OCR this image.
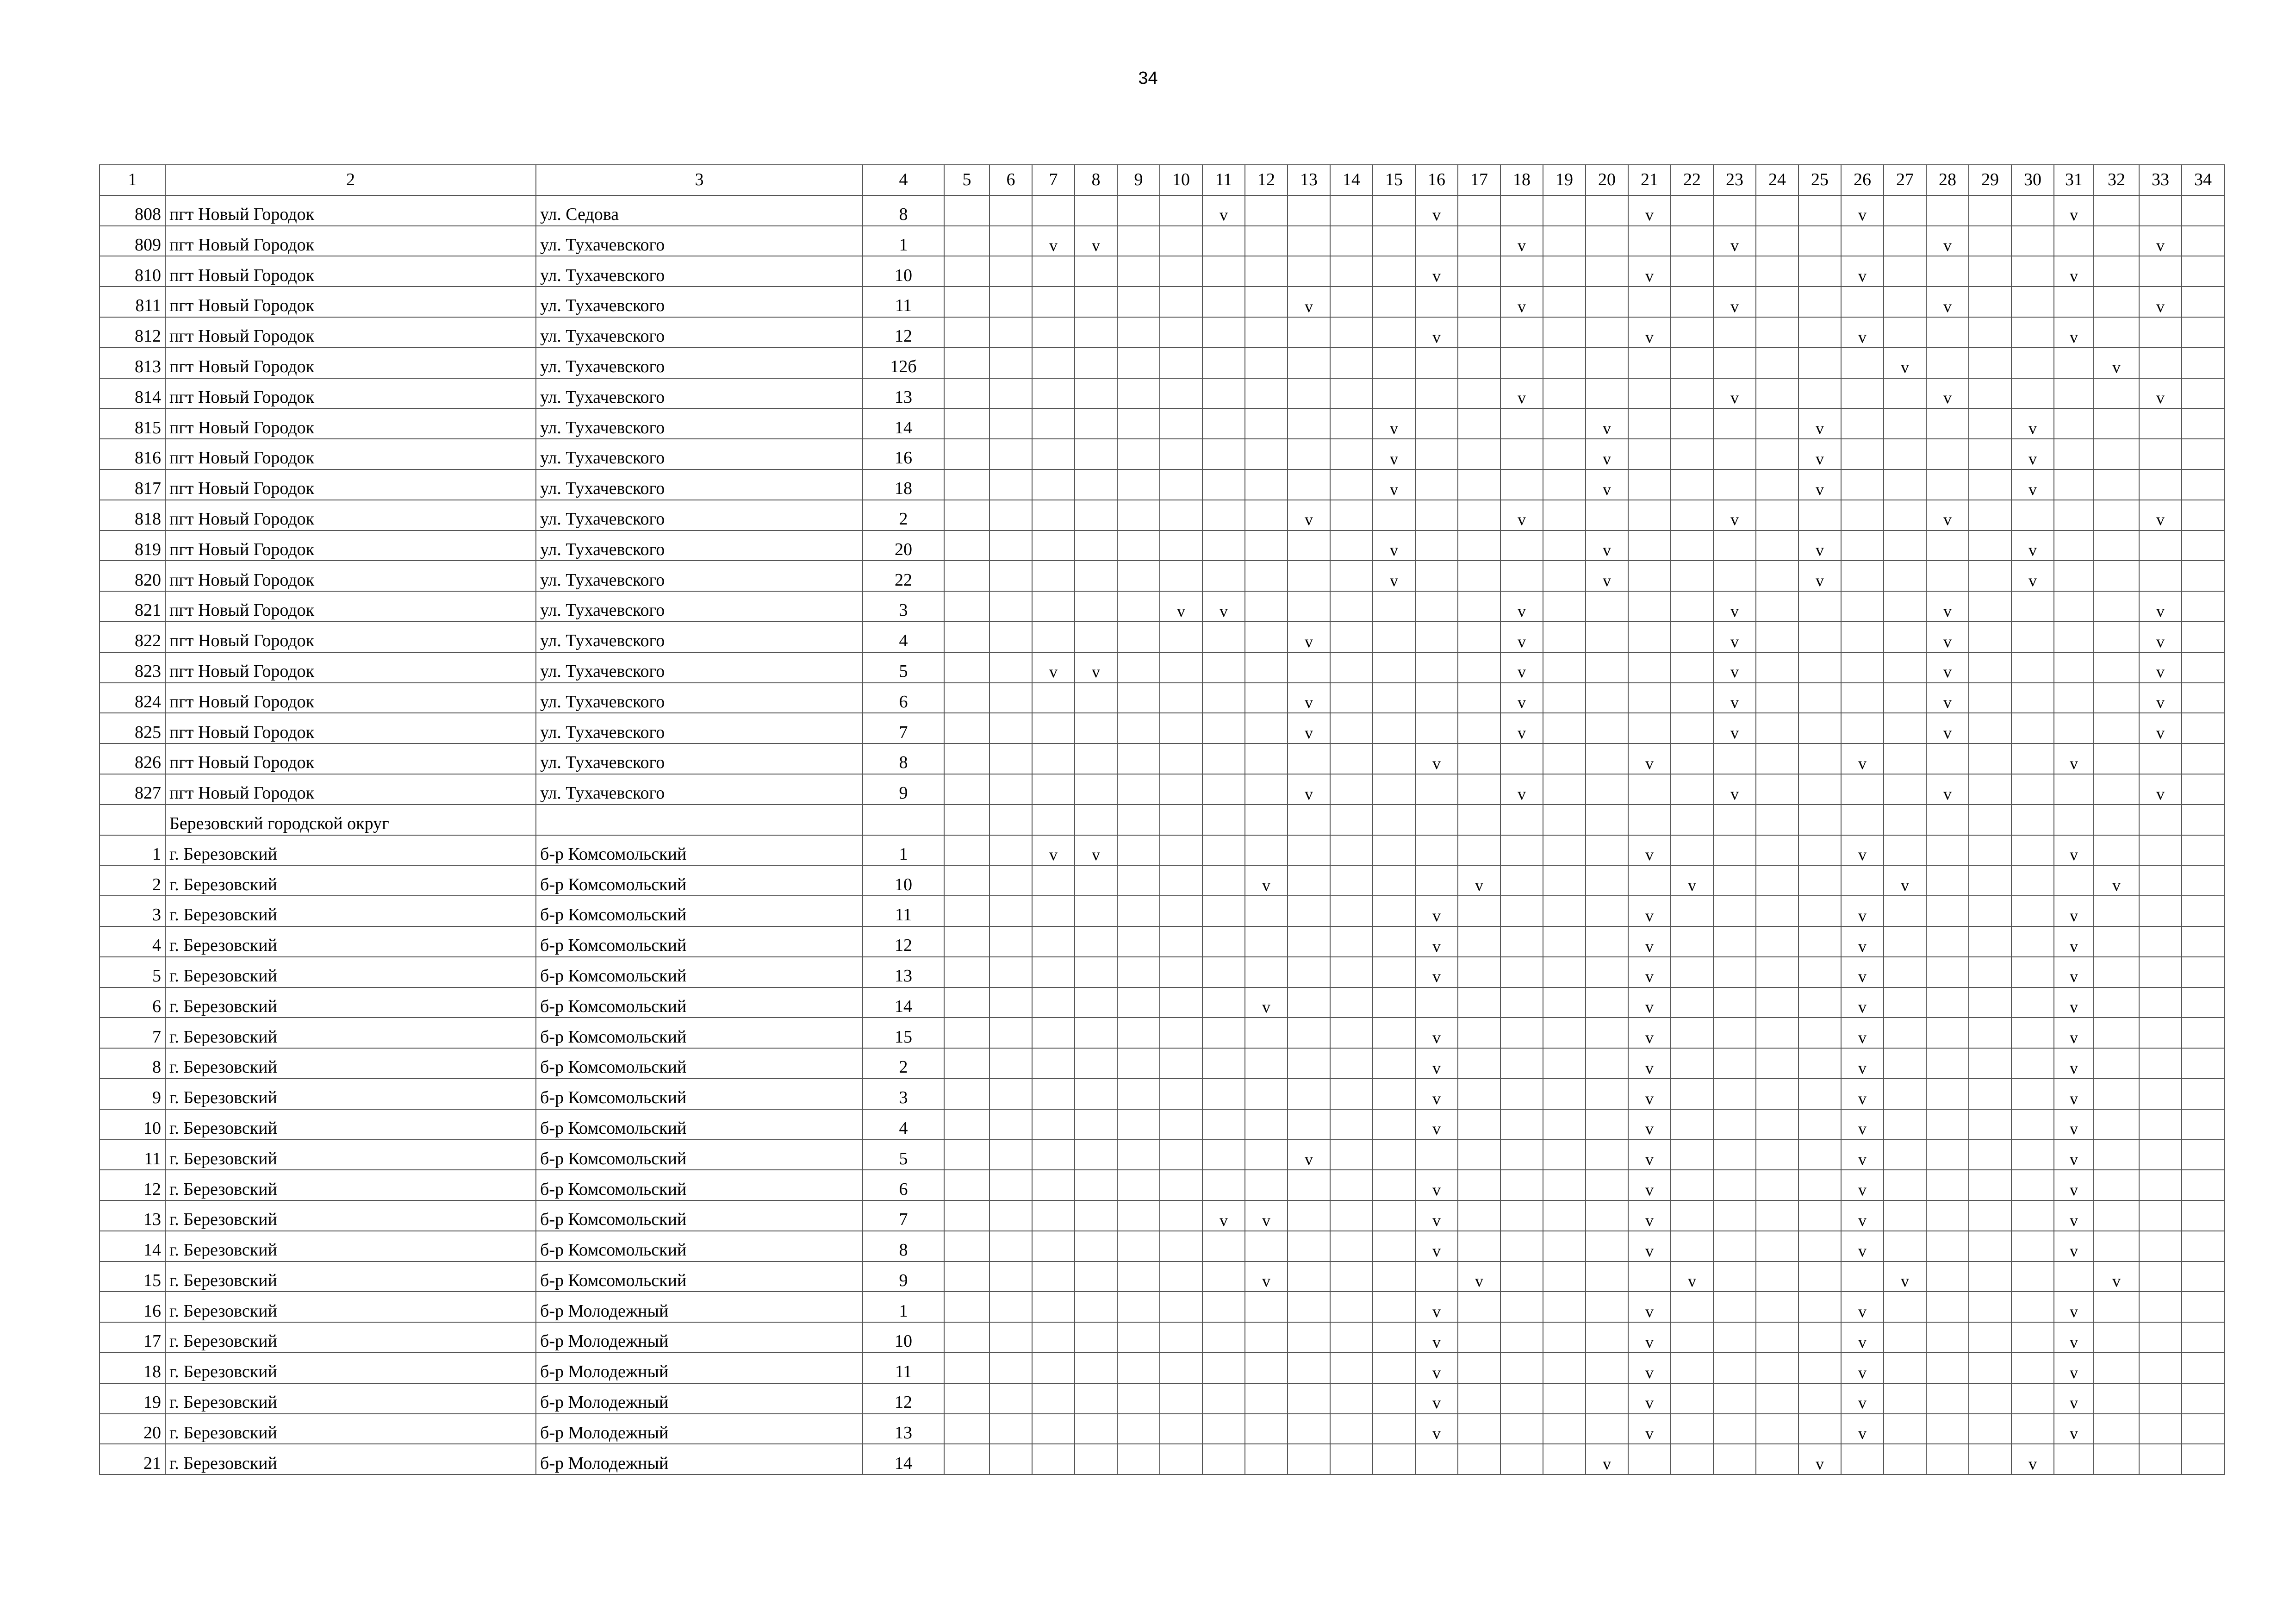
34
1	2	3	4	5	6	7	8	9	10	11	12	13	14	15	16	17	18	19	20	21	22	23	24	25	26	27	28	29	30	31	32	33	34
808	пгт Новый Городок	ул. Седова	8							v					v					v					v					v			
809	пгт Новый Городок	ул. Тухачевского	1			v	v										v					v					v					v	
810	пгт Новый Городок	ул. Тухачевского	10												v					v					v					v			
811	пгт Новый Городок	ул. Тухачевского	11									v					v					v					v					v	
812	пгт Новый Городок	ул. Тухачевского	12												v					v					v					v			
813	пгт Новый Городок	ул. Тухачевского	12б																							v					v		
814	пгт Новый Городок	ул. Тухачевского	13														v					v					v					v	
815	пгт Новый Городок	ул. Тухачевского	14											v					v					v					v				
816	пгт Новый Городок	ул. Тухачевского	16											v					v					v					v				
817	пгт Новый Городок	ул. Тухачевского	18											v					v					v					v				
818	пгт Новый Городок	ул. Тухачевского	2									v					v					v					v					v	
819	пгт Новый Городок	ул. Тухачевского	20											v					v					v					v				
820	пгт Новый Городок	ул. Тухачевского	22											v					v					v					v				
821	пгт Новый Городок	ул. Тухачевского	3						v	v							v					v					v					v	
822	пгт Новый Городок	ул. Тухачевского	4									v					v					v					v					v	
823	пгт Новый Городок	ул. Тухачевского	5			v	v										v					v					v					v	
824	пгт Новый Городок	ул. Тухачевского	6									v					v					v					v					v	
825	пгт Новый Городок	ул. Тухачевского	7									v					v					v					v					v	
826	пгт Новый Городок	ул. Тухачевского	8												v					v					v					v			
827	пгт Новый Городок	ул. Тухачевского	9									v					v					v					v					v	
	Березовский городской округ																																
1	г. Березовский	б-р Комсомольский	1			v	v													v					v					v			
2	г. Березовский	б-р Комсомольский	10								v					v					v					v					v		
3	г. Березовский	б-р Комсомольский	11												v					v					v					v			
4	г. Березовский	б-р Комсомольский	12												v					v					v					v			
5	г. Березовский	б-р Комсомольский	13												v					v					v					v			
6	г. Березовский	б-р Комсомольский	14								v									v					v					v			
7	г. Березовский	б-р Комсомольский	15												v					v					v					v			
8	г. Березовский	б-р Комсомольский	2												v					v					v					v			
9	г. Березовский	б-р Комсомольский	3												v					v					v					v			
10	г. Березовский	б-р Комсомольский	4												v					v					v					v			
11	г. Березовский	б-р Комсомольский	5									v								v					v					v			
12	г. Березовский	б-р Комсомольский	6												v					v					v					v			
13	г. Березовский	б-р Комсомольский	7							v	v				v					v					v					v			
14	г. Березовский	б-р Комсомольский	8												v					v					v					v			
15	г. Березовский	б-р Комсомольский	9								v					v					v					v					v		
16	г. Березовский	б-р Молодежный	1												v					v					v					v			
17	г. Березовский	б-р Молодежный	10												v					v					v					v			
18	г. Березовский	б-р Молодежный	11												v					v					v					v			
19	г. Березовский	б-р Молодежный	12												v					v					v					v			
20	г. Березовский	б-р Молодежный	13												v					v					v					v			
21	г. Березовский	б-р Молодежный	14																v					v					v				
